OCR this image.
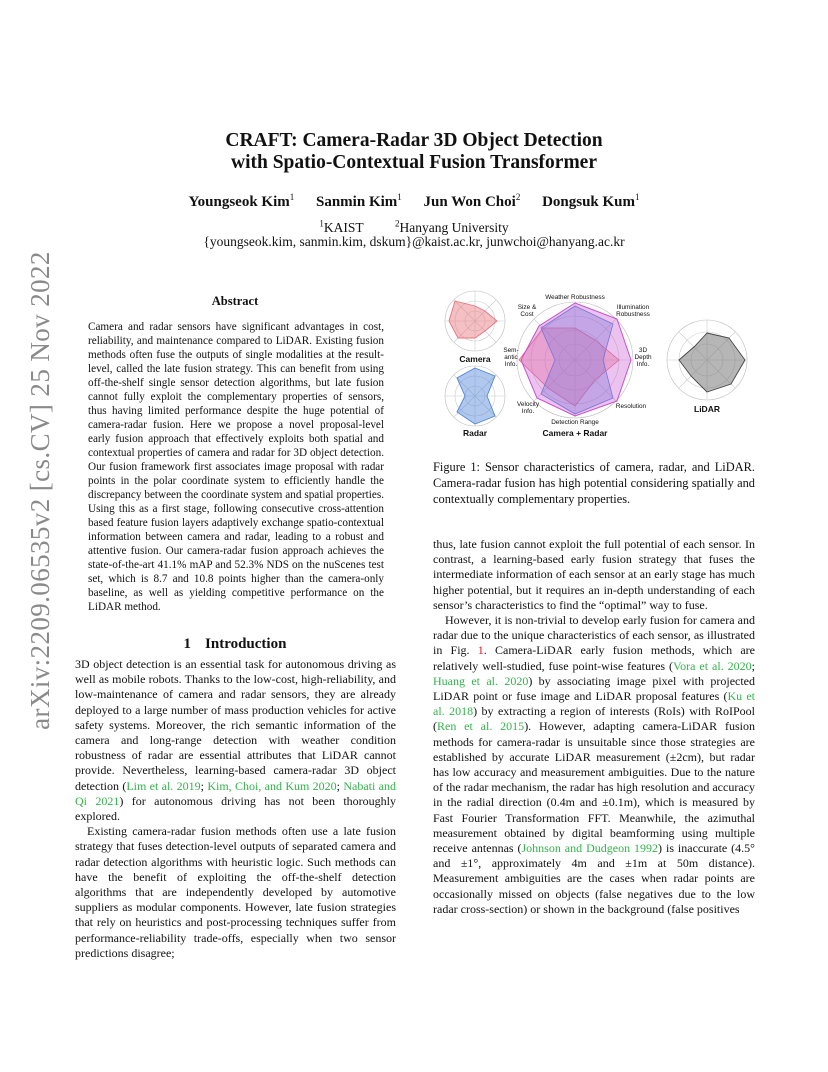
arXiv:2209.06535v2 [cs.CV] 25 Nov 2022
CRAFT: Camera-Radar 3D Object Detection
with Spatio-Contextual Fusion Transformer
Youngseok Kim$^1$ Sanmin Kim$^1$ Jun Won Choi$^2$ Dongsuk Kum$^1$
$^1$KAIST	$^2$Hanyang University
{youngseok.kim, sanmin.kim, dskum}@kaist.ac.kr, junwchoi@hanyang.ac.kr
Abstract
Camera and radar sensors have significant advantages in cost, reliability, and maintenance compared to LiDAR. Existing fusion methods often fuse the outputs of single modalities at the result-level, called the late fusion strategy. This can benefit from using off-the-shelf single sensor detection algorithms, but late fusion cannot fully exploit the complementary properties of sensors, thus having limited performance despite the huge potential of camera-radar fusion. Here we propose a novel proposal-level early fusion approach that effectively exploits both spatial and contextual properties of camera and radar for 3D object detection. Our fusion framework first associates image proposal with radar points in the polar coordinate system to efficiently handle the discrepancy between the coordinate system and spatial properties. Using this as a first stage, following consecutive cross-attention based feature fusion layers adaptively exchange spatio-contextual information between camera and radar, leading to a robust and attentive fusion. Our camera-radar fusion approach achieves the state-of-the-art 41.1% mAP and 52.3% NDS on the nuScenes test set, which is 8.7 and 10.8 points higher than the camera-only baseline, as well as yielding competitive performance on the LiDAR method.
1 Introduction

3D object detection is an essential task for autonomous driving as well as mobile robots. Thanks to the low-cost, high-reliability, and low-maintenance of camera and radar sensors, they are already deployed to a large number of mass production vehicles for active safety systems. Moreover, the rich semantic information of the camera and long-range detection with weather condition robustness of radar are essential attributes that LiDAR cannot provide. Nevertheless, learning-based camera-radar 3D object detection (Lim et al. 2019; Kim, Choi, and Kum 2020; Nabati and Qi 2021) for autonomous driving has not been thoroughly explored.

Existing camera-radar fusion methods often use a late fusion strategy that fuses detection-level outputs of separated camera and radar detection algorithms with heuristic logic. Such methods can have the benefit of exploiting the off-the-shelf detection algorithms that are independently developed by automotive suppliers as modular components. However, late fusion strategies that rely on heuristics and post-processing techniques suffer from performance-reliability trade-offs, especially when two sensor predictions disagree;

Camera
Radar
Weather Robustness
Illumination Robustness
3D Depth Info.
Resolution
Detection Range
Velocity Info.
Sem-antic Info.
Size & Cost
Camera + Radar
LiDAR
Figure 1: Sensor characteristics of camera, radar, and LiDAR. Camera-radar fusion has high potential considering spatially and contextually complementary properties.

thus, late fusion cannot exploit the full potential of each sensor. In contrast, a learning-based early fusion strategy that fuses the intermediate information of each sensor at an early stage has much higher potential, but it requires an in-depth understanding of each sensor’s characteristics to find the “optimal” way to fuse.

However, it is non-trivial to develop early fusion for camera and radar due to the unique characteristics of each sensor, as illustrated in Fig. 1. Camera-LiDAR early fusion methods, which are relatively well-studied, fuse point-wise features (Vora et al. 2020; Huang et al. 2020) by associating image pixel with projected LiDAR point or fuse image and LiDAR proposal features (Ku et al. 2018) by extracting a region of interests (RoIs) with RoIPool (Ren et al. 2015). However, adapting camera-LiDAR fusion methods for camera-radar is unsuitable since those strategies are established by accurate LiDAR measurement (±2cm), but radar has low accuracy and measurement ambiguities. Due to the nature of the radar mechanism, the radar has high resolution and accuracy in the radial direction (0.4m and ±0.1m), which is measured by Fast Fourier Transformation FFT. Meanwhile, the azimuthal measurement obtained by digital beamforming using multiple receive antennas (Johnson and Dudgeon 1992) is inaccurate (4.5° and ±1°, approximately 4m and ±1m at 50m distance). Measurement ambiguities are the cases when radar points are occasionally missed on objects (false negatives due to the low radar cross-section) or shown in the background (false positives
